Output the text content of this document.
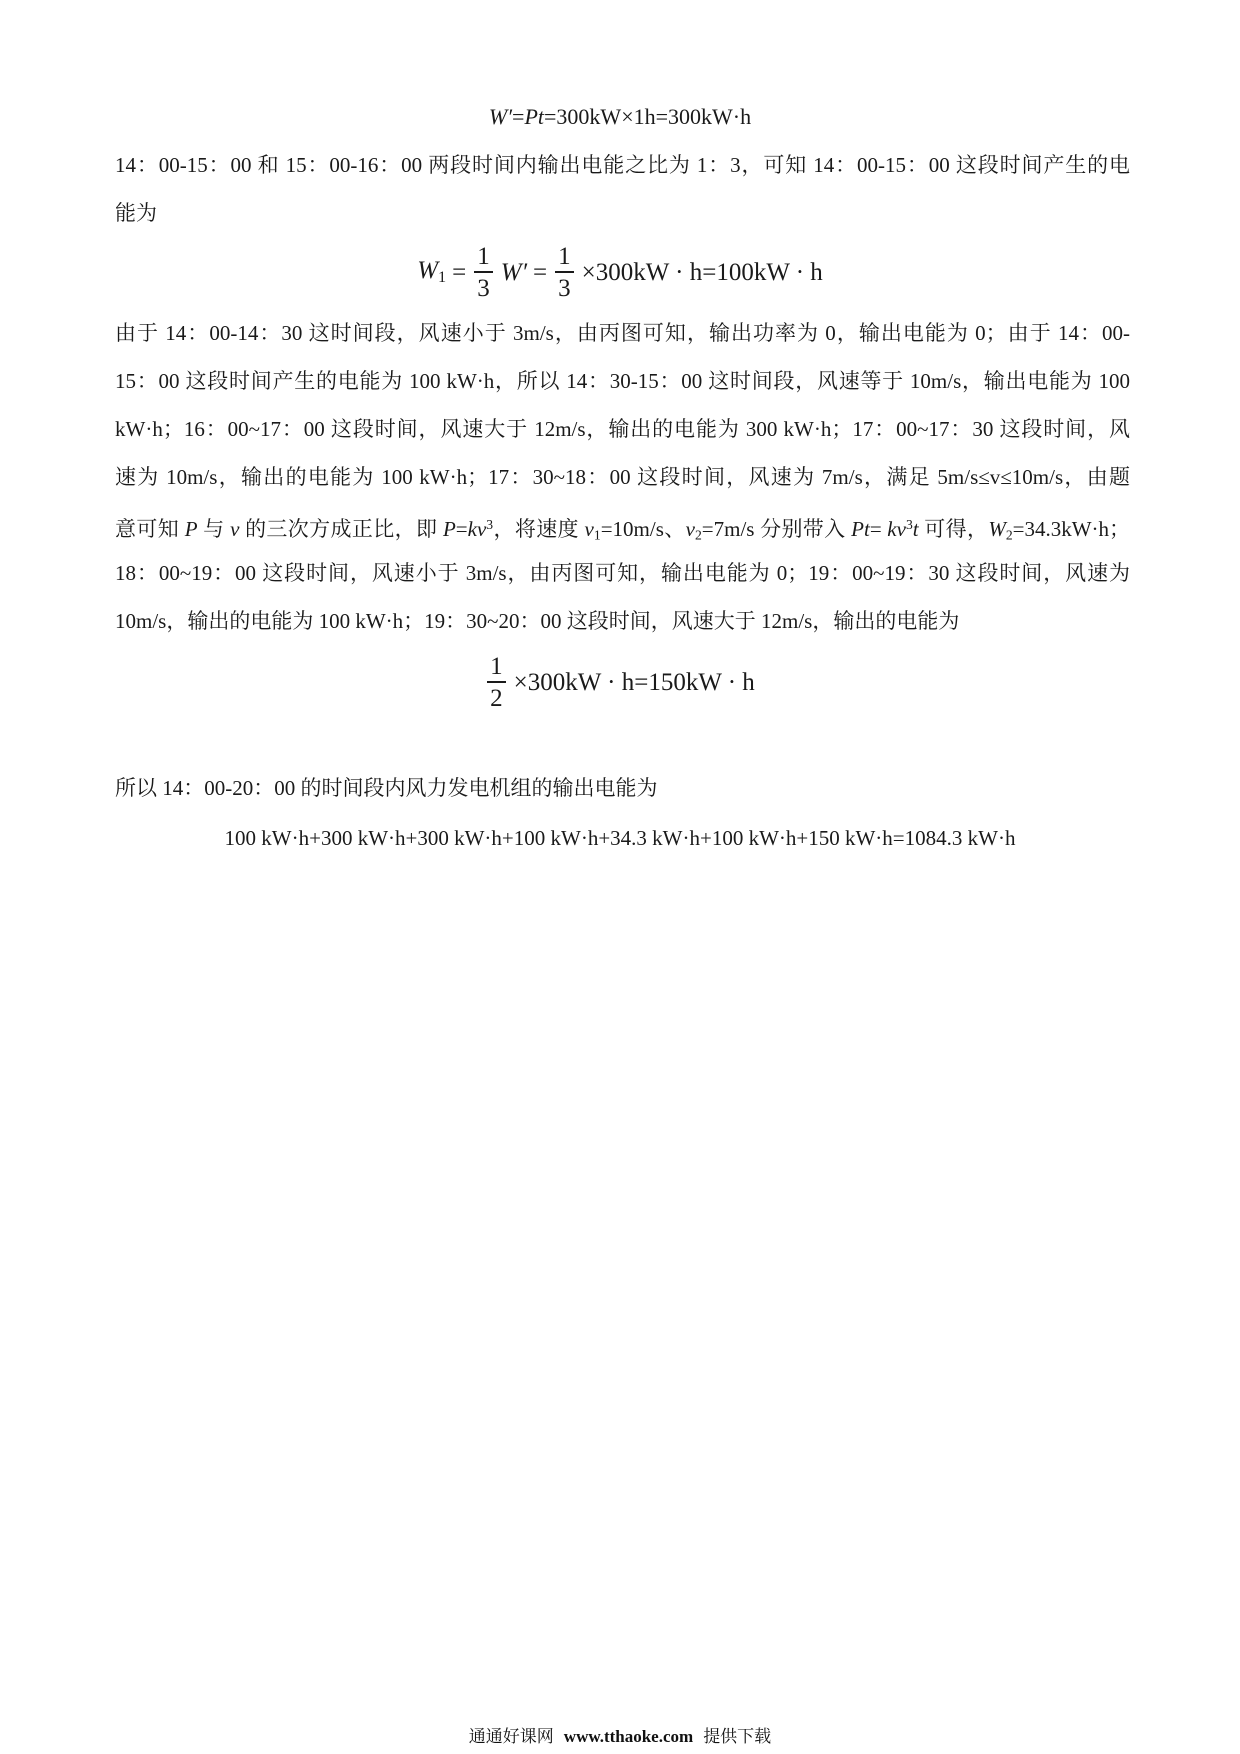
W′=Pt=300kW×1h=300kW·h
14：00-15：00 和 15：00-16：00 两段时间内输出电能之比为 1：3，可知 14：00-15：00 这段时间产生的电
能为
$W_1 = \frac{1}{3} W' = \frac{1}{3} \times 300kW \cdot h=100kW \cdot h$
由于 14：00-14：30 这时间段，风速小于 3m/s，由丙图可知，输出功率为 0，输出电能为 0；由于 14：00-
15：00 这段时间产生的电能为 100 kW·h，所以 14：30-15：00 这时间段，风速等于 10m/s，输出电能为 100
kW·h；16：00~17：00 这段时间，风速大于 12m/s，输出的电能为 300 kW·h；17：00~17：30 这段时间，风
速为 10m/s，输出的电能为 100 kW·h；17：30~18：00 这段时间，风速为 7m/s，满足 5m/s≤v≤10m/s，由题
意可知 P 与 v 的三次方成正比，即 $P=kv^3$，将速度 $v_1=10m/s$、$v_2=7m/s$ 分别带入 $Pt= kv^3t$ 可得，$W_2=34.3kW\cdot h$；
18：00~19：00 这段时间，风速小于 3m/s，由丙图可知，输出电能为 0；19：00~19：30 这段时间，风速为
10m/s，输出的电能为 100 kW·h；19：30~20：00 这段时间，风速大于 12m/s，输出的电能为
$\frac{1}{2} \times 300kW \cdot h=150kW \cdot h$
所以 14：00-20：00 的时间段内风力发电机组的输出电能为
100 kW·h+300 kW·h+300 kW·h+100 kW·h+34.3 kW·h+100 kW·h+150 kW·h=1084.3 kW·h
通通好课网 www.tthaoke.com 提供下载
